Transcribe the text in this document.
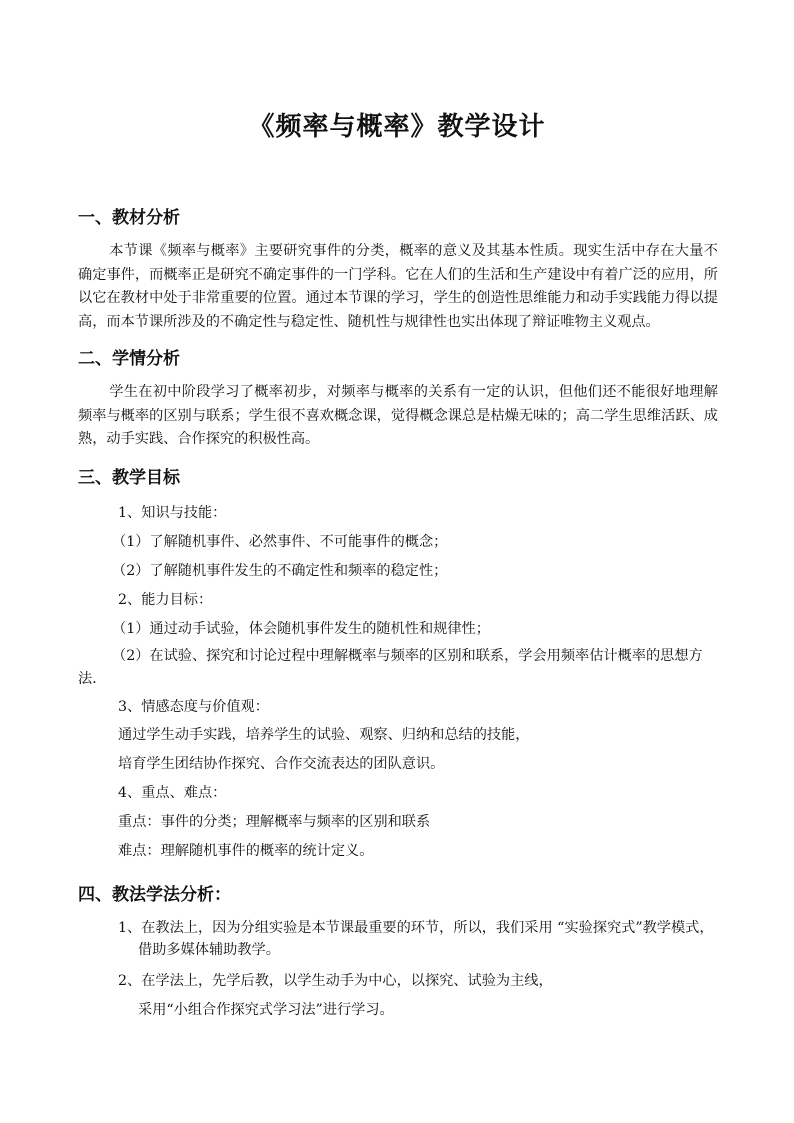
《频率与概率》教学设计
一、教材分析

本节课《频率与概率》主要研究事件的分类，概率的意义及其基本性质。现实生活中存在大量不确定事件，而概率正是研究不确定事件的一门学科。它在人们的生活和生产建设中有着广泛的应用，所以它在教材中处于非常重要的位置。通过本节课的学习，学生的创造性思维能力和动手实践能力得以提高，而本节课所涉及的不确定性与稳定性、随机性与规律性也实出体现了辩证唯物主义观点。

二、学情分析

学生在初中阶段学习了概率初步，对频率与概率的关系有一定的认识，但他们还不能很好地理解频率与概率的区别与联系；学生很不喜欢概念课，觉得概念课总是枯燥无味的；高二学生思维活跃、成熟，动手实践、合作探究的积极性高。

三、教学目标

1、知识与技能：

（1）了解随机事件、必然事件、不可能事件的概念；

（2）了解随机事件发生的不确定性和频率的稳定性；

2、能力目标：

（1）通过动手试验，体会随机事件发生的随机性和规律性；

（2）在试验、探究和讨论过程中理解概率与频率的区别和联系，学会用频率估计概率的思想方法．

3、情感态度与价值观：

通过学生动手实践，培养学生的试验、观察、归纳和总结的技能，

培育学生团结协作探究、合作交流表达的团队意识。

4、重点、难点：

重点：事件的分类；理解概率与频率的区别和联系

难点：理解随机事件的概率的统计定义。

四、教法学法分析：

1、在教法上，因为分组实验是本节课最重要的环节，所以，我们采用 “实验探究式”教学模式，借助多媒体辅助教学。

2、在学法上，先学后教，以学生动手为中心，以探究、试验为主线，

采用“小组合作探究式学习法”进行学习。
